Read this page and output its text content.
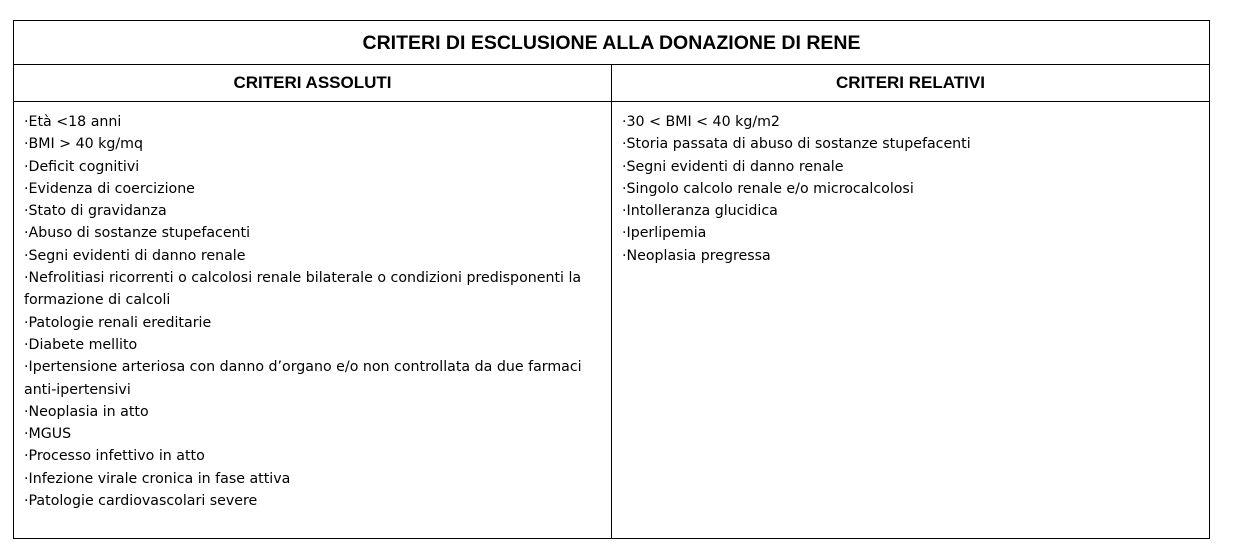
CRITERI DI ESCLUSIONE ALLA DONAZIONE DI RENE
CRITERI ASSOLUTI
· Età <18 anni
· BMI > 40 kg/mq
· Deficit cognitivi
· Evidenza di coercizione
· Stato di gravidanza
· Abuso di sostanze stupefacenti
· Segni evidenti di danno renale
· Nefrolitiasi ricorrenti o calcolosi renale bilaterale o condizioni predisponenti la formazione di calcoli
· Patologie renali ereditarie
· Diabete mellito
· Ipertensione arteriosa con danno d’organo e/o non controllata da due farmaci anti-ipertensivi
· Neoplasia in atto
· MGUS
· Processo infettivo in atto
· Infezione virale cronica in fase attiva
· Patologie cardiovascolari severe
CRITERI RELATIVI
· 30 < BMI < 40 kg/m2
· Storia passata di abuso di sostanze stupefacenti
· Segni evidenti di danno renale
· Singolo calcolo renale e/o microcalcolosi
· Intolleranza glucidica
· Iperlipemia
· Neoplasia pregressa
